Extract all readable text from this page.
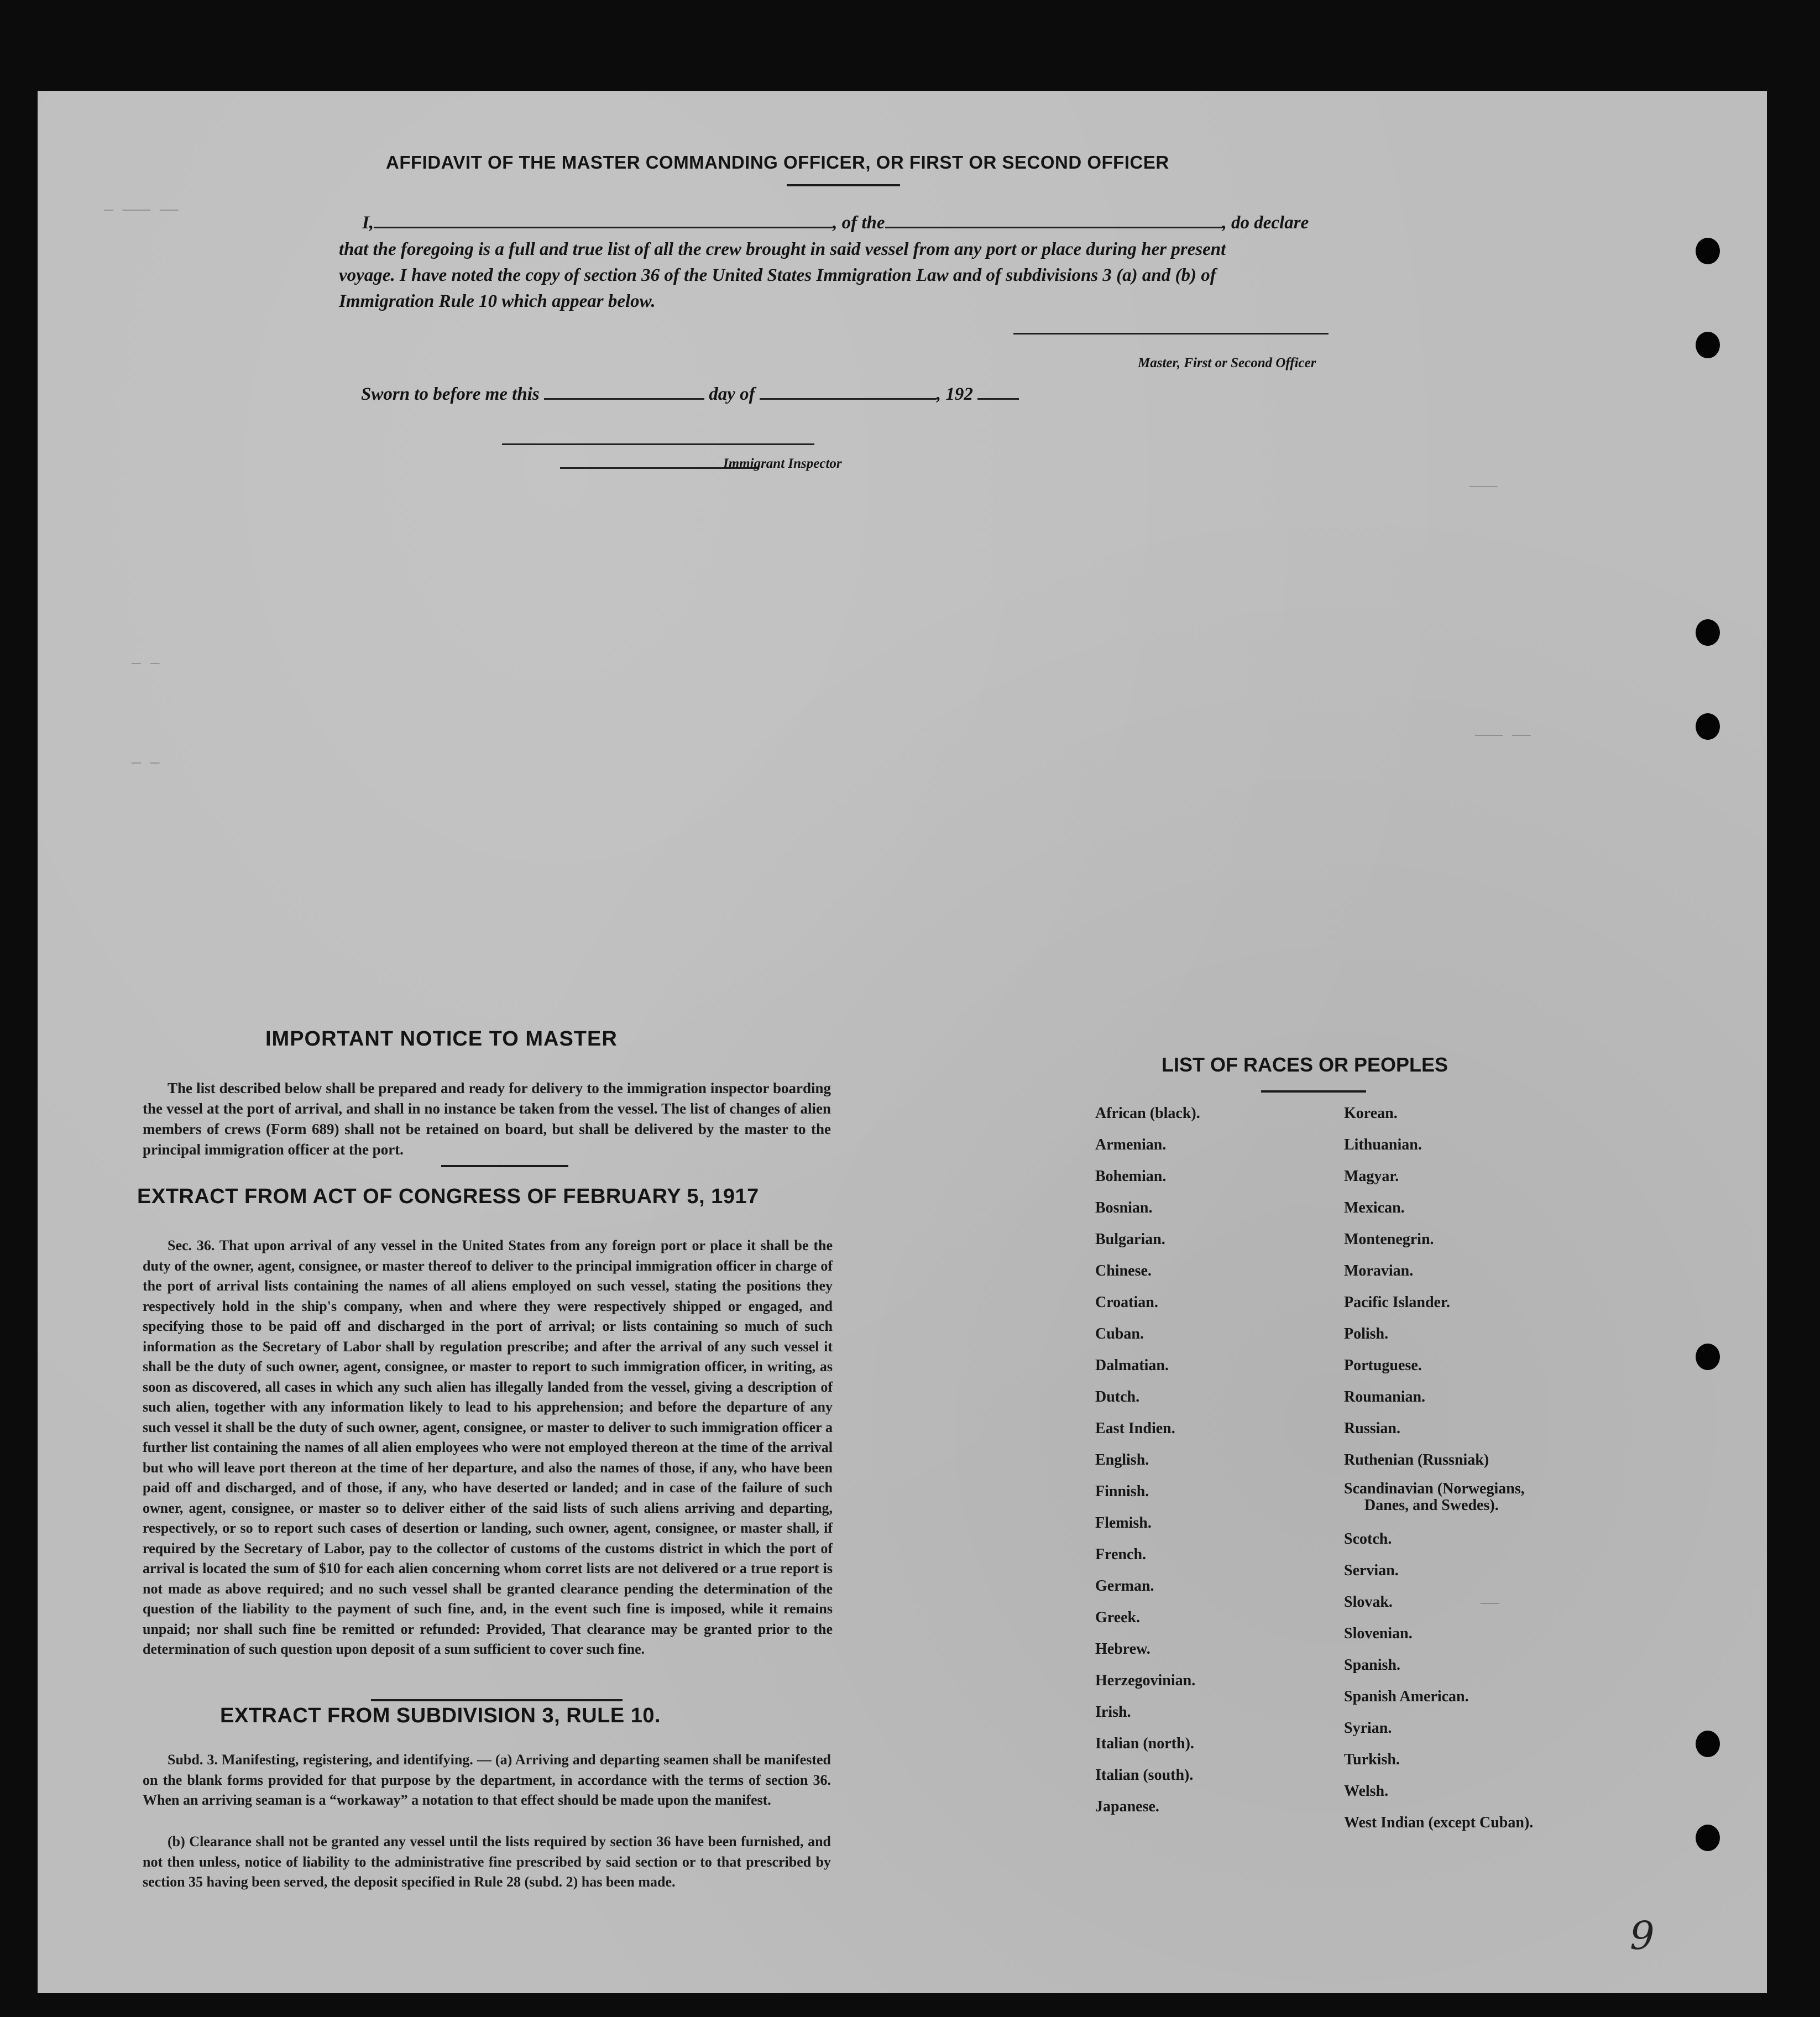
— ——— ——
———
——— ——
——
— —
— —
AFFIDAVIT OF THE MASTER COMMANDING OFFICER, OR FIRST OR SECOND OFFICER
I,	, of the	, do declare
that the foregoing is a full and true list of all the crew brought in said vessel from any port or place during her present
voyage. I have noted the copy of section 36 of the United States Immigration Law and of subdivisions 3 (a) and (b) of
Immigration Rule 10 which appear below.
Master, First or Second Officer
Sworn to before me this	day of	, 192
Immigrant Inspector
IMPORTANT NOTICE TO MASTER
The list described below shall be prepared and ready for delivery to the immigration inspector boarding the vessel at the port of arrival, and shall in no instance be taken from the vessel. The list of changes of alien members of crews (Form 689) shall not be retained on board, but shall be delivered by the master to the principal immigration officer at the port.
EXTRACT FROM ACT OF CONGRESS OF FEBRUARY 5, 1917
Sec. 36. That upon arrival of any vessel in the United States from any foreign port or place it shall be the duty of the owner, agent, consignee, or master thereof to deliver to the principal immigration officer in charge of the port of arrival lists containing the names of all aliens employed on such vessel, stating the positions they respectively hold in the ship's company, when and where they were respectively shipped or engaged, and specifying those to be paid off and discharged in the port of arrival; or lists containing so much of such information as the Secretary of Labor shall by regulation prescribe; and after the arrival of any such vessel it shall be the duty of such owner, agent, consignee, or master to report to such immigration officer, in writing, as soon as discovered, all cases in which any such alien has illegally landed from the vessel, giving a description of such alien, together with any information likely to lead to his apprehension; and before the departure of any such vessel it shall be the duty of such owner, agent, consignee, or master to deliver to such immigration officer a further list containing the names of all alien employees who were not employed thereon at the time of the arrival but who will leave port thereon at the time of her departure, and also the names of those, if any, who have been paid off and discharged, and of those, if any, who have deserted or landed; and in case of the failure of such owner, agent, consignee, or master so to deliver either of the said lists of such aliens arriving and departing, respectively, or so to report such cases of desertion or landing, such owner, agent, consignee, or master shall, if required by the Secretary of Labor, pay to the collector of customs of the customs district in which the port of arrival is located the sum of $10 for each alien concerning whom corret lists are not delivered or a true report is not made as above required; and no such vessel shall be granted clearance pending the determination of the question of the liability to the payment of such fine, and, in the event such fine is imposed, while it remains unpaid; nor shall such fine be remitted or refunded: Provided, That clearance may be granted prior to the determination of such question upon deposit of a sum sufficient to cover such fine.
EXTRACT FROM SUBDIVISION 3, RULE 10.
Subd. 3. Manifesting, registering, and identifying. — (a) Arriving and departing seamen shall be manifested on the blank forms provided for that purpose by the department, in accordance with the terms of section 36. When an arriving seaman is a “workaway” a notation to that effect should be made upon the manifest.
(b) Clearance shall not be granted any vessel until the lists required by section 36 have been furnished, and not then unless, notice of liability to the administrative fine prescribed by said section or to that prescribed by section 35 having been served, the deposit specified in Rule 28 (subd. 2) has been made.
LIST OF RACES OR PEOPLES
African (black).
Armenian.
Bohemian.
Bosnian.
Bulgarian.
Chinese.
Croatian.
Cuban.
Dalmatian.
Dutch.
East Indien.
English.
Finnish.
Flemish.
French.
German.
Greek.
Hebrew.
Herzegovinian.
Irish.
Italian (north).
Italian (south).
Japanese.
Korean.
Lithuanian.
Magyar.
Mexican.
Montenegrin.
Moravian.
Pacific Islander.
Polish.
Portuguese.
Roumanian.
Russian.
Ruthenian (Russniak)
Scandinavian (Norwegians,
Danes, and Swedes).
Scotch.
Servian.
Slovak.
Slovenian.
Spanish.
Spanish American.
Syrian.
Turkish.
Welsh.
West Indian (except Cuban).
9
